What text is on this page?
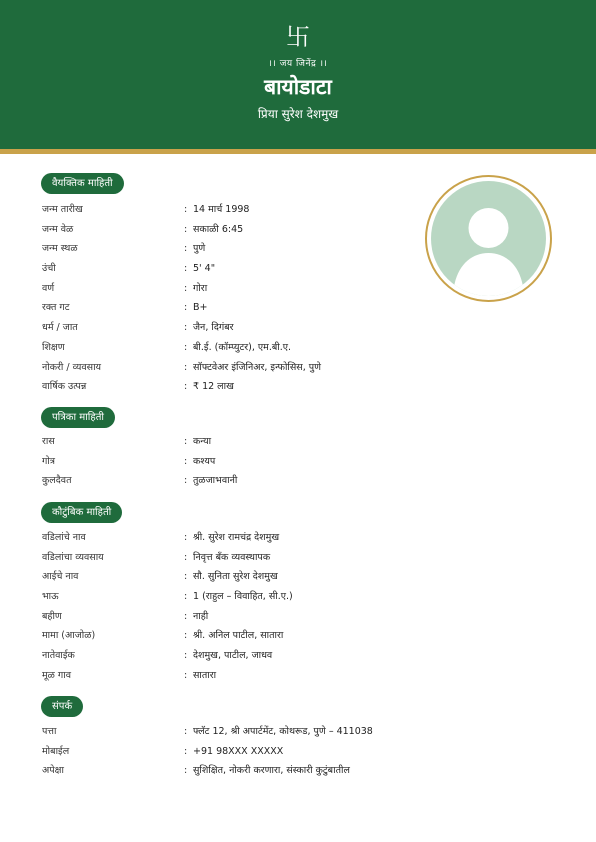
卐
।। जय जिनेंद्र ।।
बायोडाटा
प्रिया सुरेश देशमुख
वैयक्तिक माहिती
जन्म तारीख	: 14 मार्च 1998
जन्म वेळ	: सकाळी 6:45
जन्म स्थळ	: पुणे
उंची	: 5' 4"
वर्ण	: गोरा
रक्त गट	: B+
धर्म / जात	: जैन, दिगंबर
शिक्षण	: बी.ई. (कॉम्प्युटर), एम.बी.ए.
नोकरी / व्यवसाय	: सॉफ्टवेअर इंजिनिअर, इन्फोसिस, पुणे
वार्षिक उत्पन्न	: ₹ 12 लाख
पत्रिका माहिती
रास	: कन्या
गोत्र	: कश्यप
कुलदैवत	: तुळजाभवानी
कौटुंबिक माहिती
वडिलांचे नाव	: श्री. सुरेश रामचंद्र देशमुख
वडिलांचा व्यवसाय	: निवृत्त बँक व्यवस्थापक
आईचे नाव	: सौ. सुनिता सुरेश देशमुख
भाऊ	: 1 (राहुल – विवाहित, सी.ए.)
बहीण	: नाही
मामा (आजोळ)	: श्री. अनिल पाटील, सातारा
नातेवाईक	: देशमुख, पाटील, जाधव
मूळ गाव	: सातारा
संपर्क
पत्ता	: फ्लॅट 12, श्री अपार्टमेंट, कोथरूड, पुणे – 411038
मोबाईल	: +91 98XXX XXXXX
अपेक्षा	: सुशिक्षित, नोकरी करणारा, संस्कारी कुटुंबातील
